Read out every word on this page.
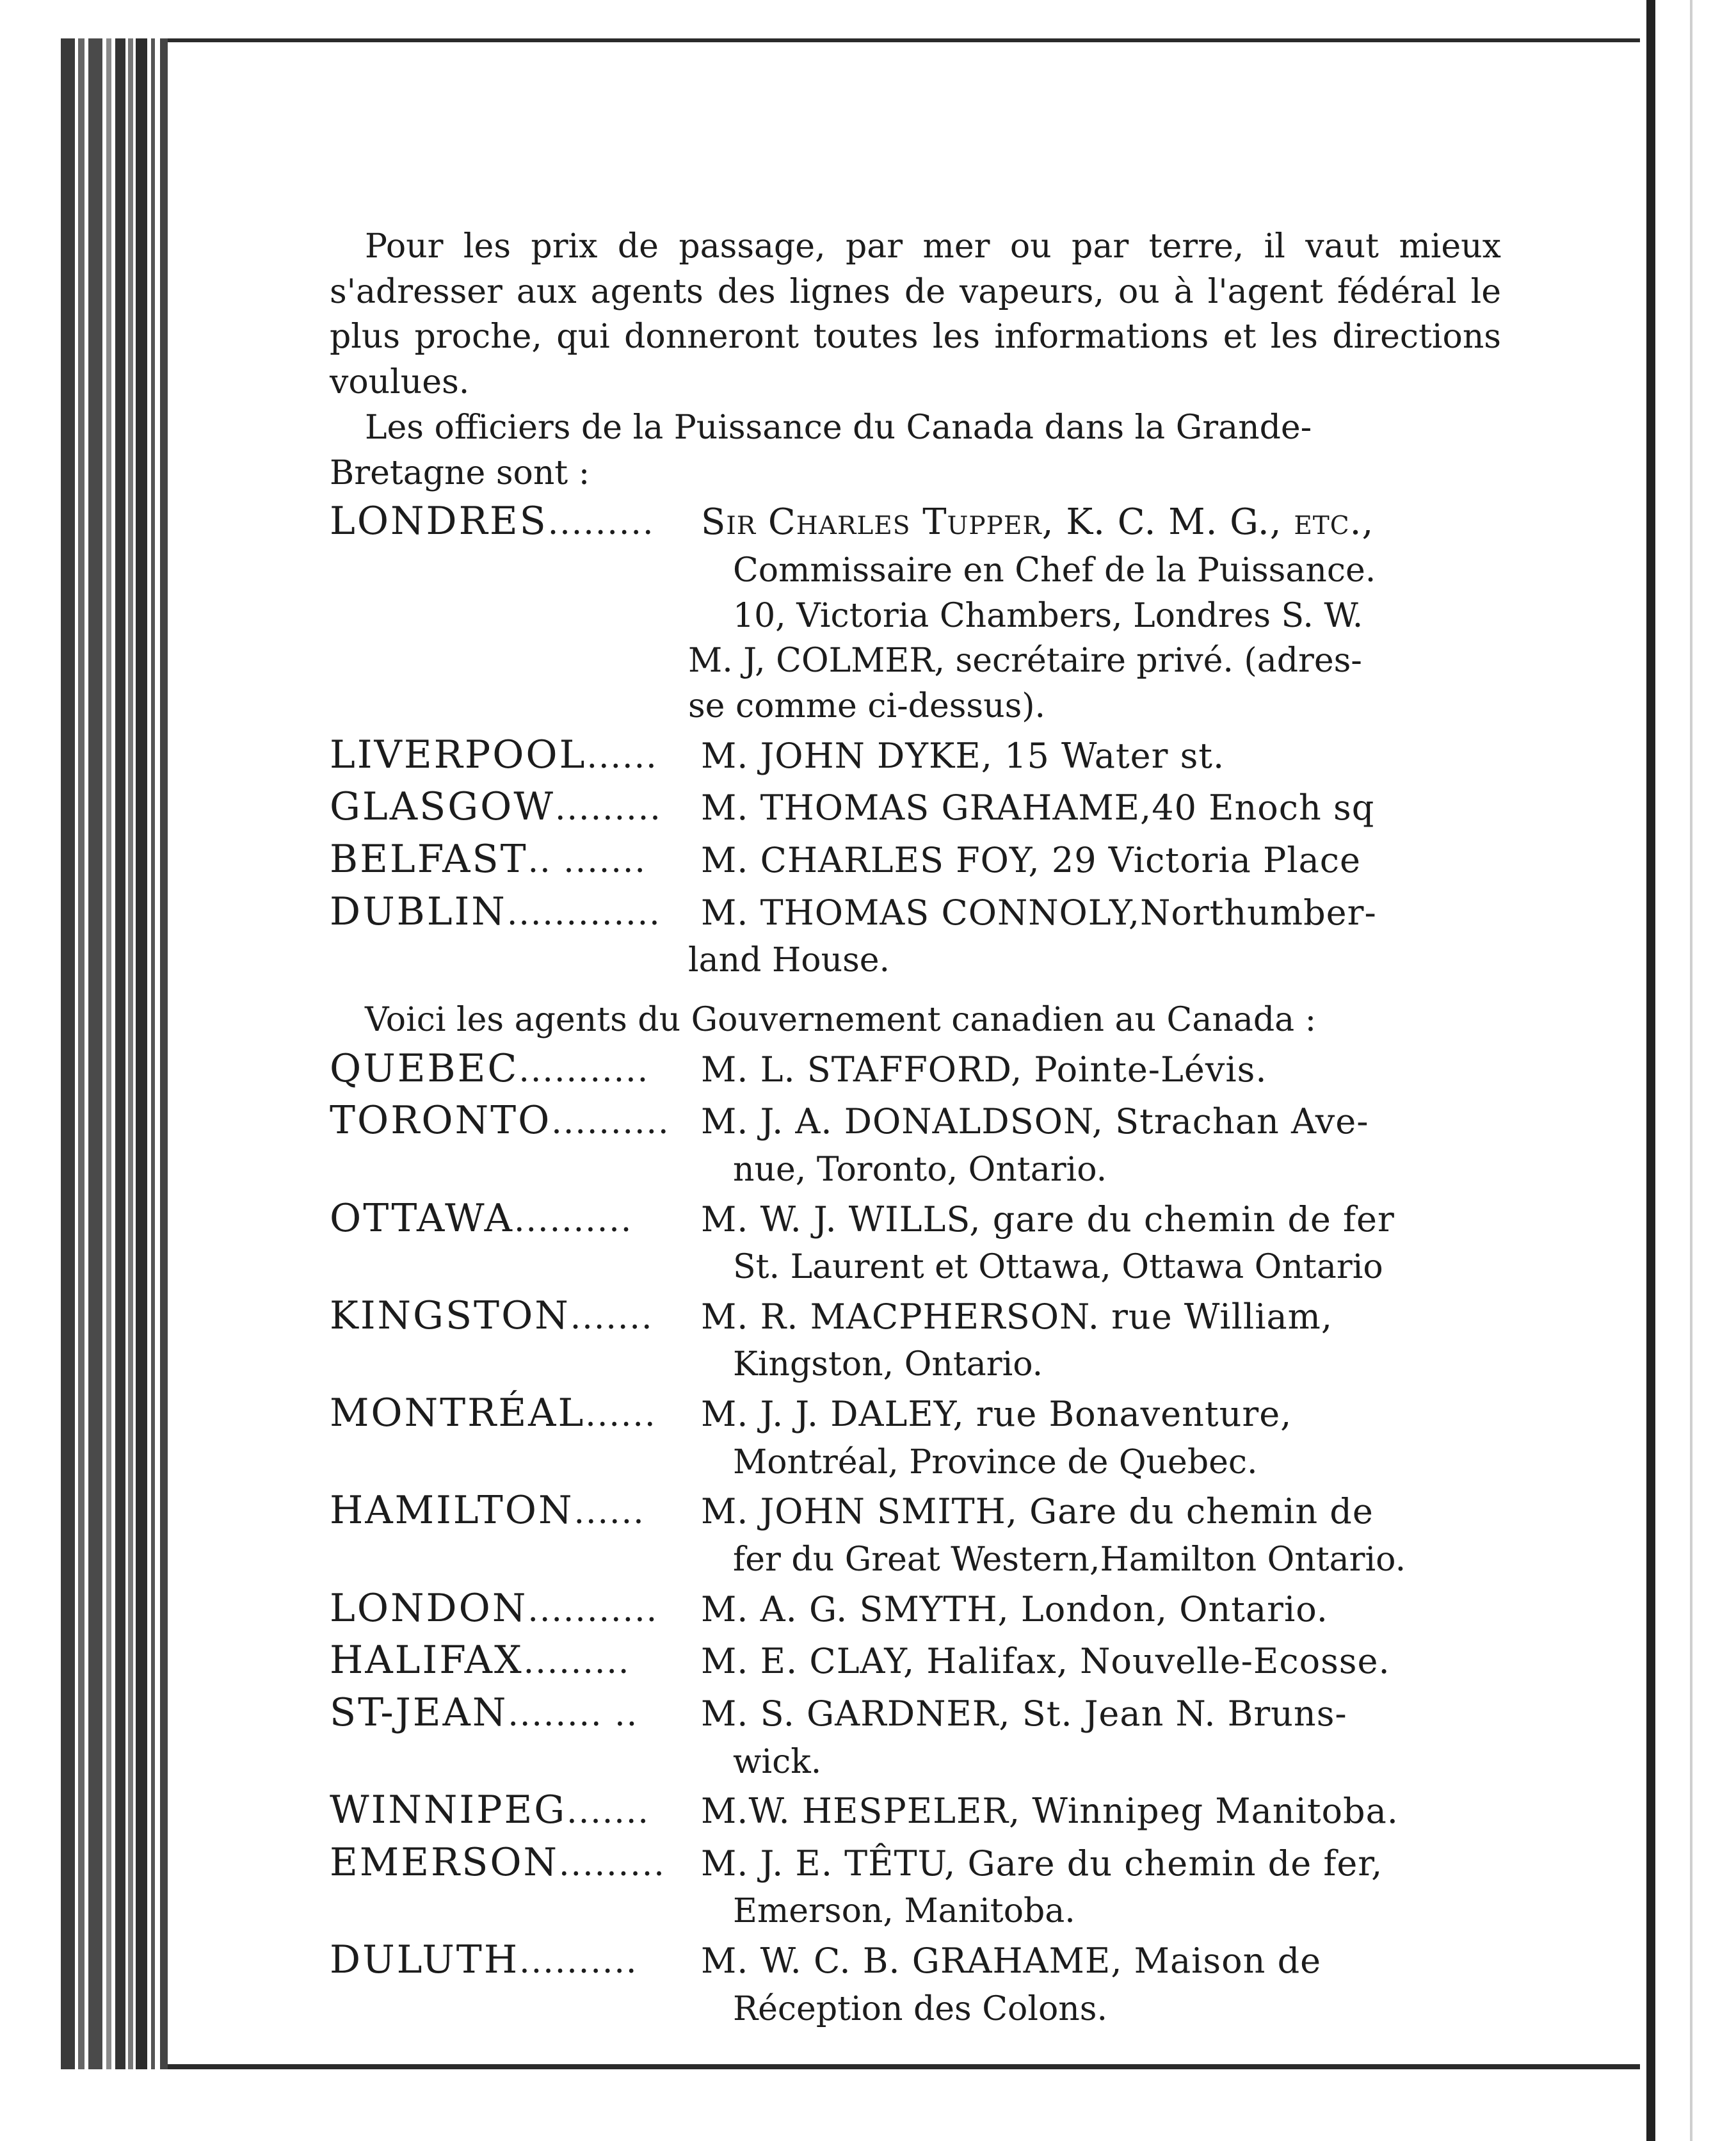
Pour les prix de passage, par mer ou par terre, il vaut mieux s'adresser aux agents des lignes de vapeurs, ou à l'agent fédéral le plus proche, qui donneront toutes les informations et les directions voulues.

Les officiers de la Puissance du Canada dans la Grande-

Bretagne sont :

LONDRES.........	Sir Charles Tupper, K. C. M. G., etc.,
Commissaire en Chef de la Puissance.
10, Victoria Chambers, Londres S. W.
M. J, COLMER, secrétaire privé. (adres-
se comme ci-dessus).
LIVERPOOL......	M. JOHN DYKE, 15 Water st.
GLASGOW.........	M. THOMAS GRAHAME,40 Enoch sq
BELFAST.. .......	M. CHARLES FOY, 29 Victoria Place
DUBLIN.............	M. THOMAS CONNOLY,Northumber-
land House.

Voici les agents du Gouvernement canadien au Canada :

QUEBEC...........	M. L. STAFFORD, Pointe-Lévis.
TORONTO.......... M. J. A. DONALDSON, Strachan Ave-
nue, Toronto, Ontario.
OTTAWA..........	M. W. J. WILLS, gare du chemin de fer
St. Laurent et Ottawa, Ottawa Ontario
KINGSTON.......	M. R. MACPHERSON. rue William,
Kingston, Ontario.
MONTRÉAL......	M. J. J. DALEY, rue Bonaventure,
Montréal, Province de Quebec.
HAMILTON......	M. JOHN SMITH, Gare du chemin de
fer du Great Western,Hamilton Ontario.
LONDON...........	M. A. G. SMYTH, London, Ontario.
HALIFAX.........	M. E. CLAY, Halifax, Nouvelle-Ecosse.
ST-JEAN........ ..	M. S. GARDNER, St. Jean N. Bruns-
wick.
WINNIPEG.......	M.W. HESPELER, Winnipeg Manitoba.
EMERSON.........	M. J. E. TÊTU, Gare du chemin de fer,
Emerson, Manitoba.
DULUTH..........	M. W. C. B. GRAHAME, Maison de
Réception des Colons.
